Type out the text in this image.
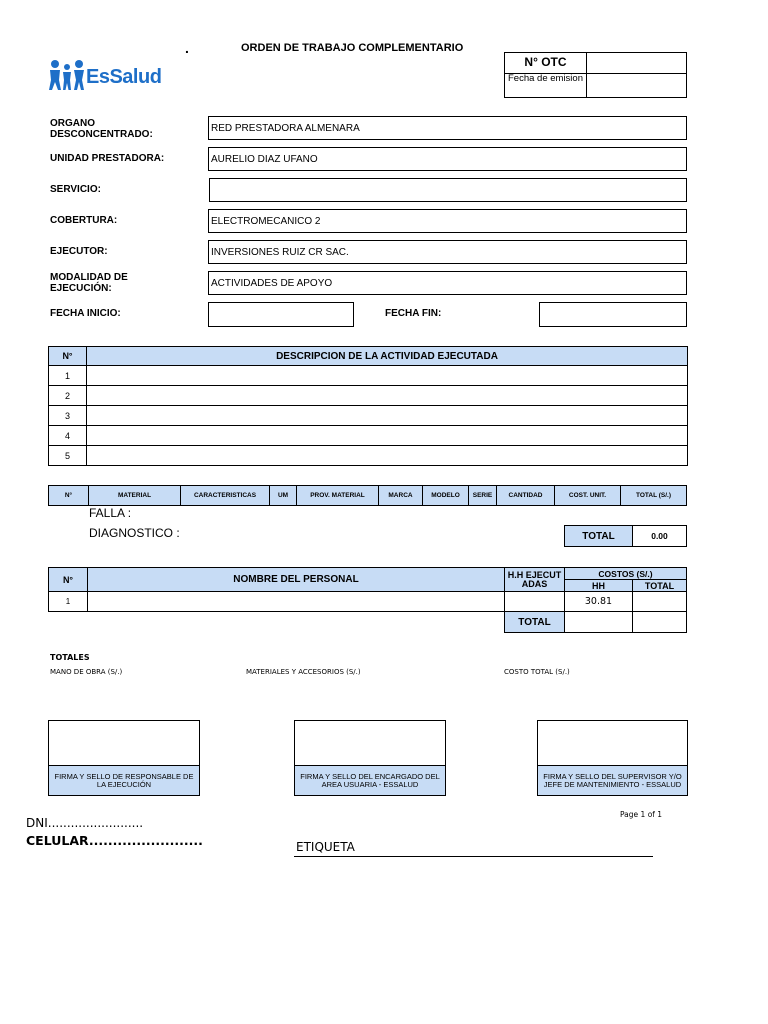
.	ORDEN DE TRABAJO COMPLEMENTARIO
EsSalud
N° OTC
Fecha de emision
ORGANO DESCONCENTRADO:
RED PRESTADORA ALMENARA
UNIDAD PRESTADORA:	AURELIO DIAZ UFANO
SERVICIO:
COBERTURA:	ELECTROMECANICO 2
EJECUTOR:	INVERSIONES RUIZ CR SAC.
MODALIDAD DE EJECUCIÓN:	ACTIVIDADES DE APOYO
FECHA INICIO:	FECHA FIN:
N°	DESCRIPCION DE LA ACTIVIDAD EJECUTADA
1	
2	
3	
4	
5	
N°	MATERIAL	CARACTERISTICAS	UM	PROV. MATERIAL	MARCA	MODELO	SERIE	CANTIDAD	COST. UNIT.	TOTAL (S/.)
FALLA :
DIAGNOSTICO :	TOTAL	0.00
N°	NOMBRE DEL PERSONAL	H.H EJECUTADAS	COSTOS (S/.)	
			HH	TOTAL
1			30.81	
		TOTAL		
TOTALES
MANO DE OBRA (S/.)	MATERIALES Y ACCESORIOS (S/.)	COSTO TOTAL (S/.)
FIRMA Y SELLO DE RESPONSABLE DE LA EJECUCIÓN
FIRMA Y SELLO DEL ENCARGADO DEL AREA USUARIA - ESSALUD
FIRMA Y SELLO DEL SUPERVISOR Y/O JEFE DE MANTENIMIENTO - ESSALUD
Page 1 of 1
DNI.........................
CELULAR........................	ETIQUETA
